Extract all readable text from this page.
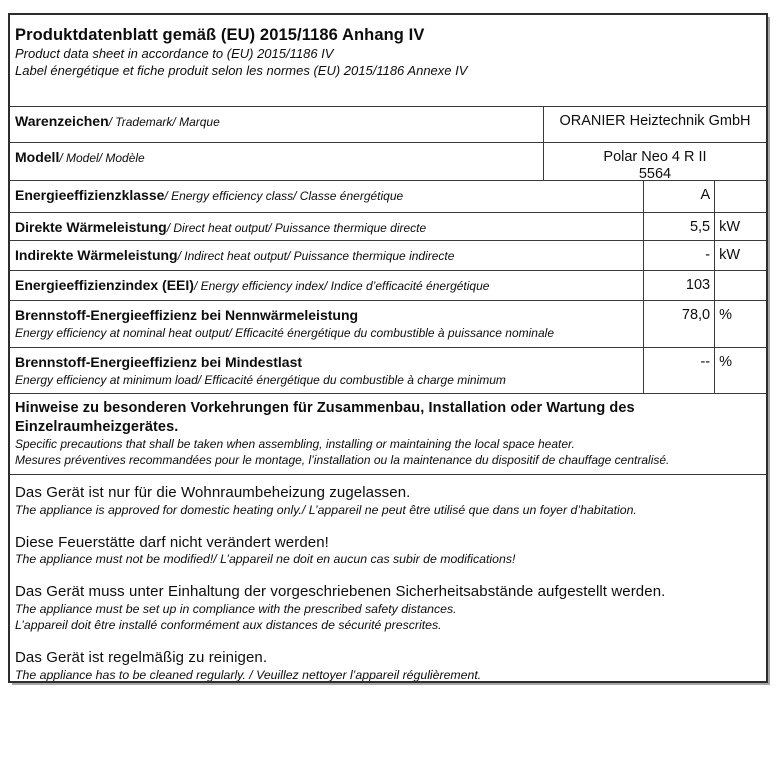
Produktdatenblatt gemäß (EU) 2015/1186 Anhang IV
Product data sheet in accordance to (EU) 2015/1186 IV
Label énergétique et fiche produit selon les normes (EU) 2015/1186 Annexe IV
Warenzeichen/ Trademark/ Marque	ORANIER Heiztechnik GmbH
Modell/ Model/ Modèle	Polar Neo 4 R II
5564
Energieeffizienzklasse/ Energy efficiency class/ Classe énergétique	A
Direkte Wärmeleistung/ Direct heat output/ Puissance thermique directe	5,5 kW
Indirekte Wärmeleistung/ Indirect heat output/ Puissance thermique indirecte	- kW
Energieeffizienzindex (EEI)/ Energy efficiency index/ Indice d’efficacité énergétique	103
Brennstoff-Energieeffizienz bei Nennwärmeleistung
Energy efficiency at nominal heat output/ Efficacité énergétique du combustible à puissance nominale
78,0 %
Brennstoff-Energieeffizienz bei Mindestlast
Energy efficiency at minimum load/ Efficacité énergétique du combustible à charge minimum
-- %
Hinweise zu besonderen Vorkehrungen für Zusammenbau, Installation oder Wartung des Einzelraumheizgerätes.
Specific precautions that shall be taken when assembling, installing or maintaining the local space heater.
Mesures préventives recommandées pour le montage, l’installation ou la maintenance du dispositif de chauffage centralisé.
Das Gerät ist nur für die Wohnraumbeheizung zugelassen.
The appliance is approved for domestic heating only./ L’appareil ne peut être utilisé que dans un foyer d’habitation.
Diese Feuerstätte darf nicht verändert werden!
The appliance must not be modified!/ L’appareil ne doit en aucun cas subir de modifications!
Das Gerät muss unter Einhaltung der vorgeschriebenen Sicherheitsabstände aufgestellt werden.
The appliance must be set up in compliance with the prescribed safety distances.
L’appareil doit être installé conformément aux distances de sécurité prescrites.
Das Gerät ist regelmäßig zu reinigen.
The appliance has to be cleaned regularly. / Veuillez nettoyer l’appareil régulièrement.
